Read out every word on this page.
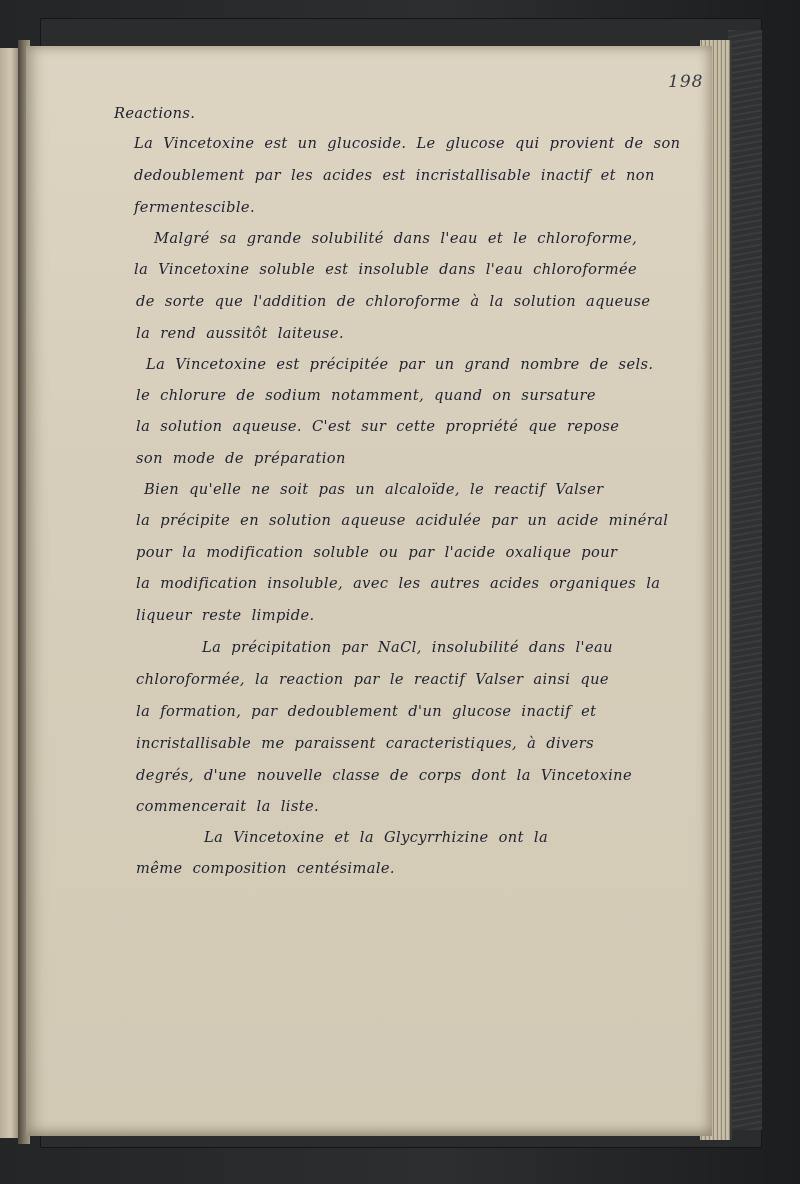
198
Reactions.
La Vincetoxine est un glucoside. Le glucose qui provient de son
dedoublement par les acides est incristallisable inactif et non
fermentescible.
Malgré sa grande solubilité dans l'eau et le chloroforme,
la Vincetoxine soluble est insoluble dans l'eau chloroformée
de sorte que l'addition de chloroforme à la solution aqueuse
la rend aussitôt laiteuse.
La Vincetoxine est précipitée par un grand nombre de sels.
le chlorure de sodium notamment, quand on sursature
la solution aqueuse. C'est sur cette propriété que repose
son mode de préparation
Bien qu'elle ne soit pas un alcaloïde, le reactif Valser
la précipite en solution aqueuse acidulée par un acide minéral
pour la modification soluble ou par l'acide oxalique pour
la modification insoluble, avec les autres acides organiques la
liqueur reste limpide.
La précipitation par NaCl, insolubilité dans l'eau
chloroformée, la reaction par le reactif Valser ainsi que
la formation, par dedoublement d'un glucose inactif et
incristallisable me paraissent caracteristiques, à divers
degrés, d'une nouvelle classe de corps dont la Vincetoxine
commencerait la liste.
La Vincetoxine et la Glycyrrhizine ont la
même composition centésimale.
